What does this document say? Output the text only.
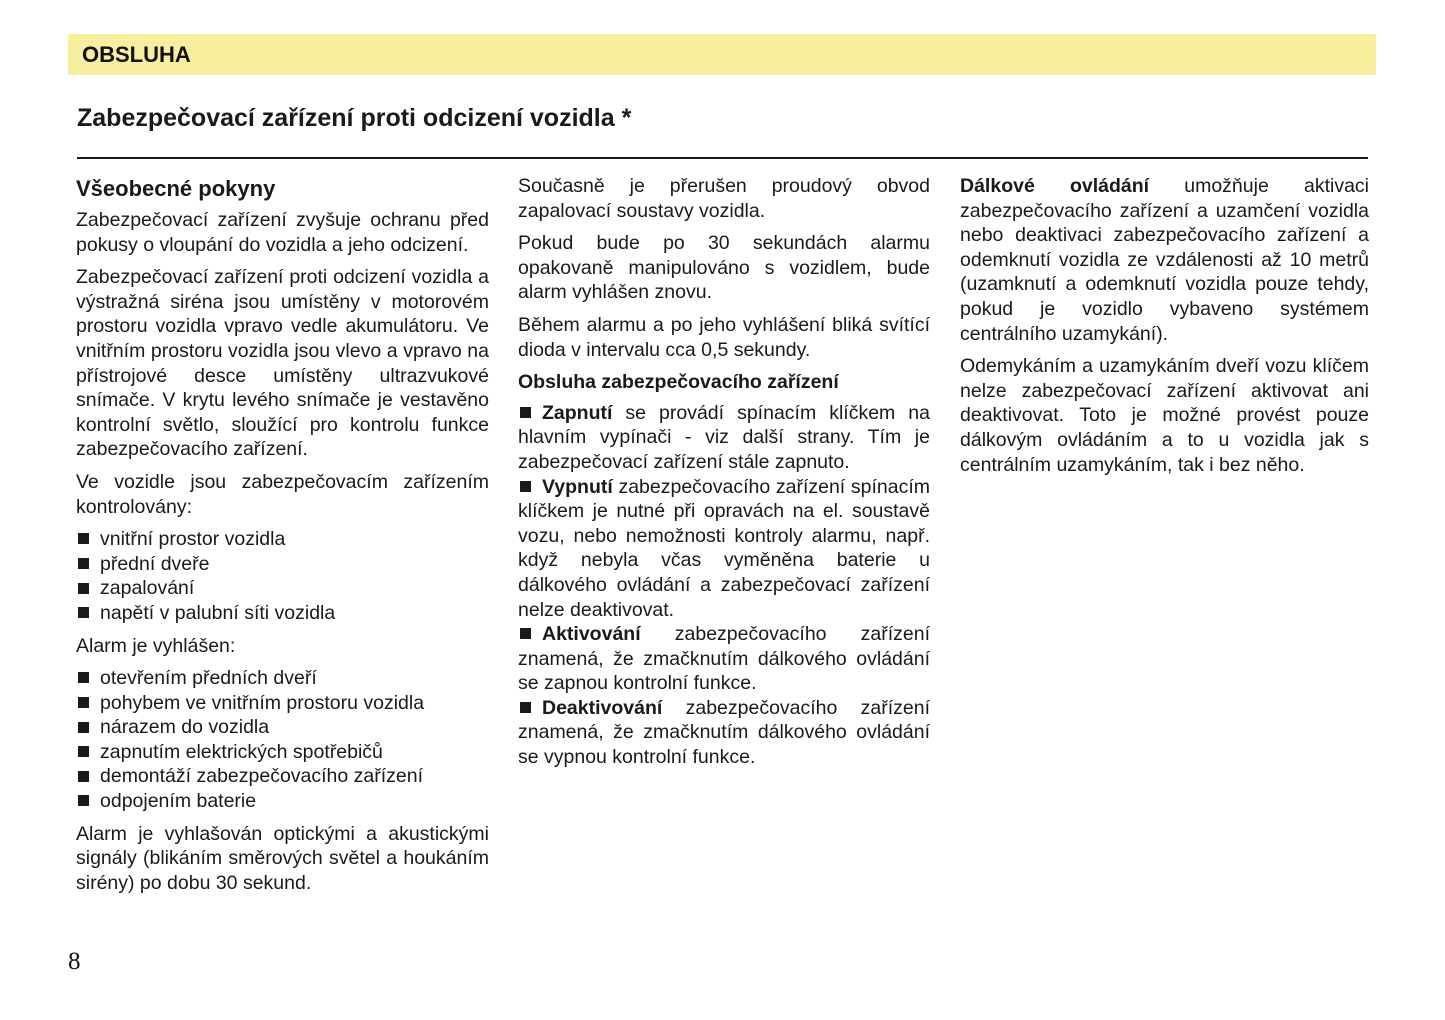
OBSLUHA
Zabezpečovací zařízení proti odcizení vozidla *
Všeobecné pokyny

Zabezpečovací zařízení zvyšuje ochranu před pokusy o vloupání do vozidla a jeho odcizení.

Zabezpečovací zařízení proti odcizení vozidla a výstražná siréna jsou umístěny v motorovém prostoru vozidla vpravo vedle akumulátoru. Ve vnitřním prostoru vozidla jsou vlevo a vpravo na přístrojové desce umístěny ultrazvukové snímače. V krytu levého snímače je vestavěno kontrolní světlo, sloužící pro kontrolu funkce zabezpečovacího zařízení.

Ve vozidle jsou zabezpečovacím zařízením kontrolovány:

vnitřní prostor vozidla
přední dveře
zapalování
napětí v palubní síti vozidla

Alarm je vyhlášen:

otevřením předních dveří
pohybem ve vnitřním prostoru vozidla
nárazem do vozidla
zapnutím elektrických spotřebičů
demontáží zabezpečovacího zařízení
odpojením baterie

Alarm je vyhlašován optickými a akustickými signály (blikáním směrových světel a houkáním sirény) po dobu 30 sekund.

Současně je přerušen proudový obvod zapalovací soustavy vozidla.

Pokud bude po 30 sekundách alarmu opakovaně manipulováno s vozidlem, bude alarm vyhlášen znovu.

Během alarmu a po jeho vyhlášení bliká svítící dioda v intervalu cca 0,5 sekundy.

Obsluha zabezpečovacího zařízení

Zapnutí se provádí spínacím klíčkem na hlavním vypínači - viz další strany. Tím je zabezpečovací zařízení stále zapnuto.

Vypnutí zabezpečovacího zařízení spínacím klíčkem je nutné při opravách na el. soustavě vozu, nebo nemožnosti kontroly alarmu, např. když nebyla včas vyměněna baterie u dálkového ovládání a zabezpečovací zařízení nelze deaktivovat.

Aktivování zabezpečovacího zařízení znamená, že zmačknutím dálkového ovládání se zapnou kontrolní funkce.

Deaktivování zabezpečovacího zařízení znamená, že zmačknutím dálkového ovládání se vypnou kontrolní funkce.

Dálkové ovládání umožňuje aktivaci zabezpečovacího zařízení a uzamčení vozidla nebo deaktivaci zabezpečovacího zařízení a odemknutí vozidla ze vzdálenosti až 10 metrů (uzamknutí a odemknutí vozidla pouze tehdy, pokud je vozidlo vybaveno systémem centrálního uzamykání).

Odemykáním a uzamykáním dveří vozu klíčem nelze zabezpečovací zařízení aktivovat ani deaktivovat. Toto je možné provést pouze dálkovým ovládáním a to u vozidla jak s centrálním uzamykáním, tak i bez něho.

8
